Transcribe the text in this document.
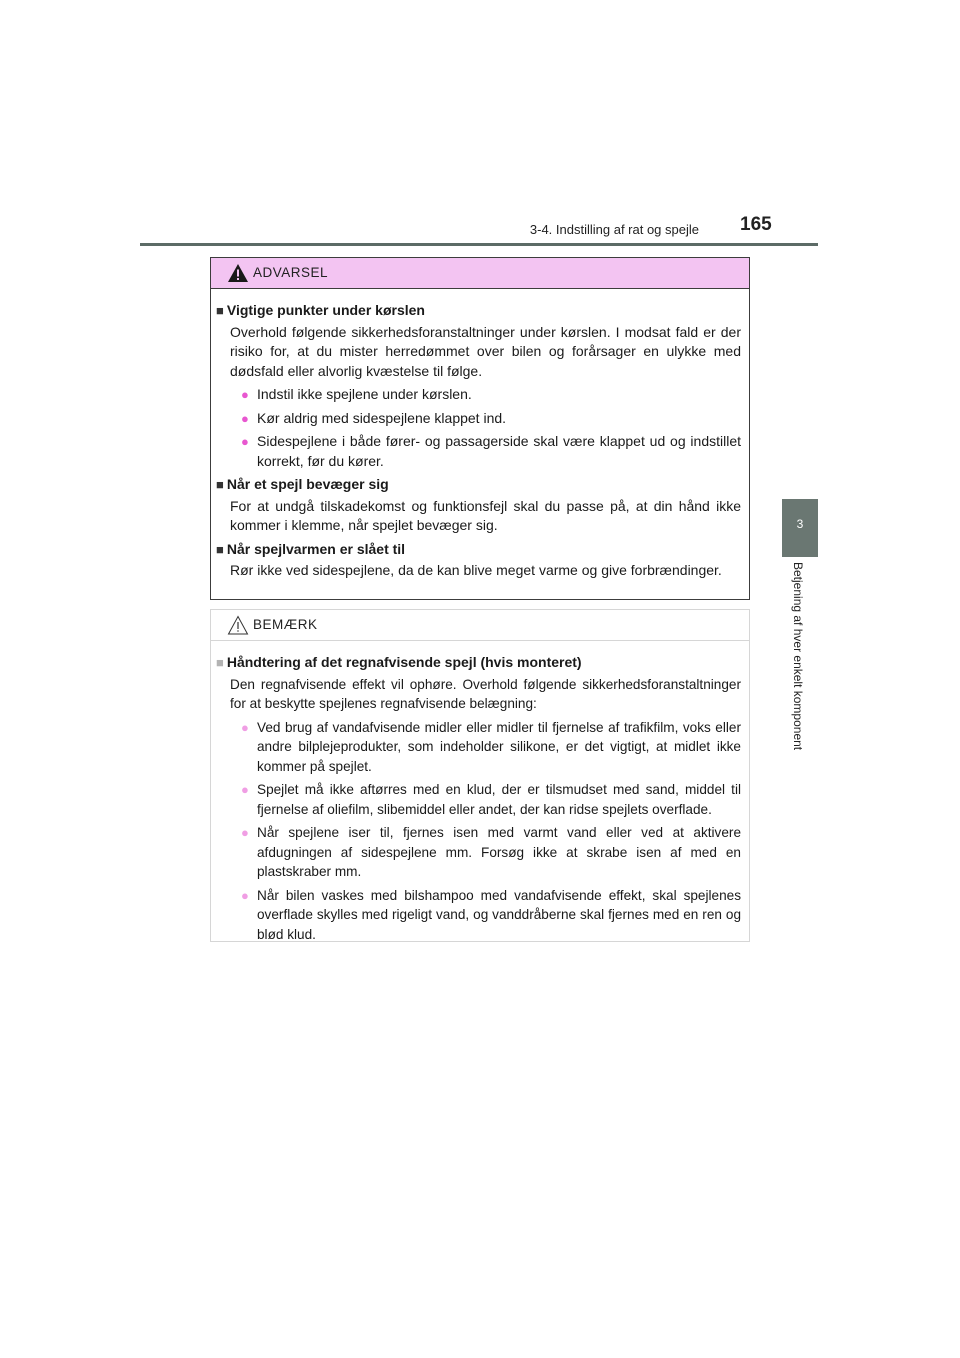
3-4. Indstilling af rat og spejle 165
3
Betjening af hver enkelt komponent
ADVARSEL
■ Vigtige punkter under kørslen
Overhold følgende sikkerhedsforanstaltninger under kørslen. I modsat fald er der risiko for, at du mister herredømmet over bilen og forårsager en ulykke med dødsfald eller alvorlig kvæstelse til følge.
● Indstil ikke spejlene under kørslen.
● Kør aldrig med sidespejlene klappet ind.
● Sidespejlene i både fører- og passagerside skal være klappet ud og indstillet korrekt, før du kører.
■ Når et spejl bevæger sig
For at undgå tilskadekomst og funktionsfejl skal du passe på, at din hånd ikke kommer i klemme, når spejlet bevæger sig.
■ Når spejlvarmen er slået til
Rør ikke ved sidespejlene, da de kan blive meget varme og give forbrændinger.
BEMÆRK
■ Håndtering af det regnafvisende spejl (hvis monteret)
Den regnafvisende effekt vil ophøre. Overhold følgende sikkerhedsforanstaltninger for at beskytte spejlenes regnafvisende belægning:
● Ved brug af vandafvisende midler eller midler til fjernelse af trafikfilm, voks eller andre bilplejeprodukter, som indeholder silikone, er det vigtigt, at midlet ikke kommer på spejlet.
● Spejlet må ikke aftørres med en klud, der er tilsmudset med sand, middel til fjernelse af oliefilm, slibemiddel eller andet, der kan ridse spejlets overflade.
● Når spejlene iser til, fjernes isen med varmt vand eller ved at aktivere afdugningen af sidespejlene mm. Forsøg ikke at skrabe isen af med en plastskraber mm.
● Når bilen vaskes med bilshampoo med vandafvisende effekt, skal spejlenes overflade skylles med rigeligt vand, og vanddråberne skal fjernes med en ren og blød klud.
